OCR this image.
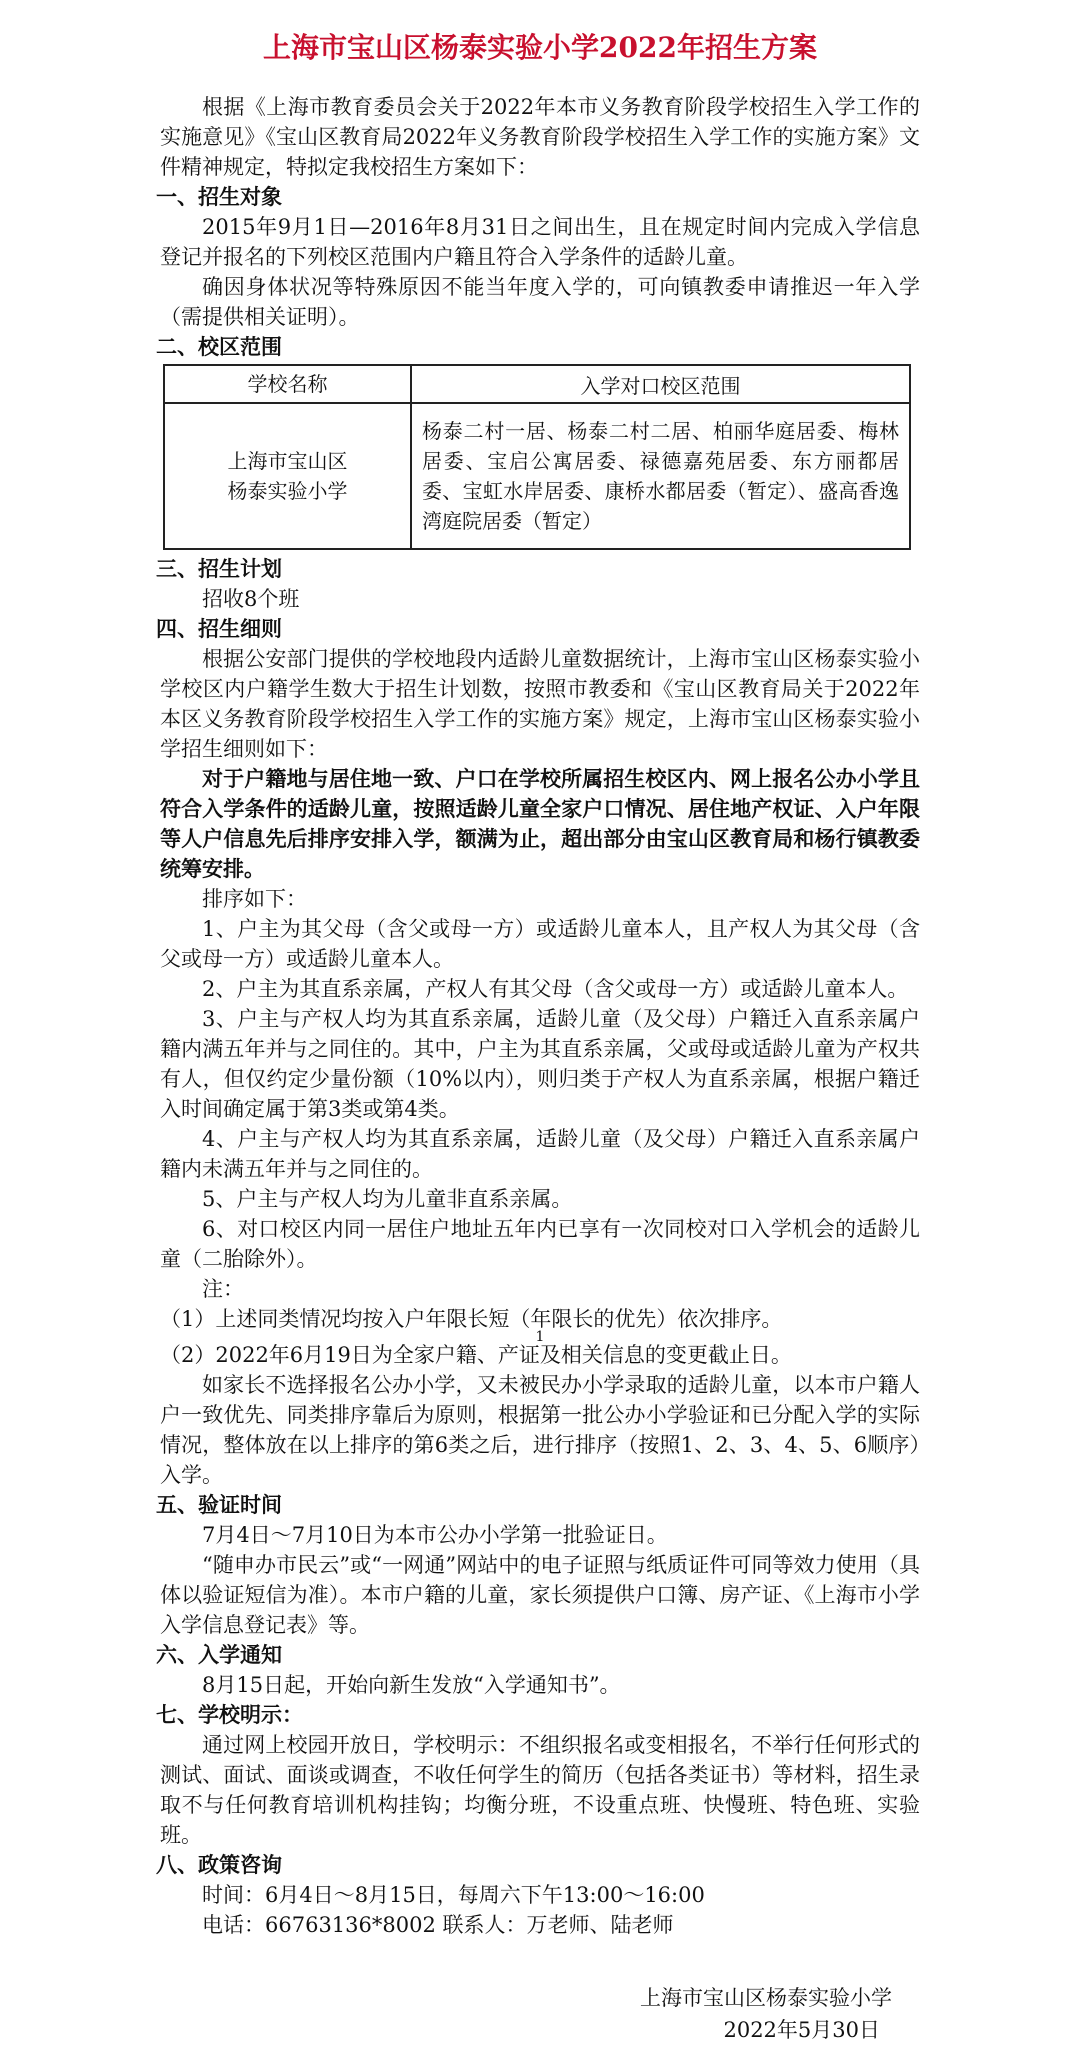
上海市宝山区杨泰实验小学2022年招生方案

根据《上海市教育委员会关于2022年本市义务教育阶段学校招生入学工作的实施意见》《宝山区教育局2022年义务教育阶段学校招生入学工作的实施方案》文件精神规定，特拟定我校招生方案如下：

一、招生对象

2015年9月1日—2016年8月31日之间出生，且在规定时间内完成入学信息登记并报名的下列校区范围内户籍且符合入学条件的适龄儿童。

确因身体状况等特殊原因不能当年度入学的，可向镇教委申请推迟一年入学（需提供相关证明）。

二、校区范围
学校名称	入学对口校区范围

上海市宝山区
杨泰实验小学	杨泰二村一居、杨泰二村二居、柏丽华庭居委、梅林居委、宝启公寓居委、禄德嘉苑居委、东方丽都居委、宝虹水岸居委、康桥水都居委（暂定）、盛高香逸湾庭院居委（暂定）
三、招生计划

招收8个班

四、招生细则

根据公安部门提供的学校地段内适龄儿童数据统计，上海市宝山区杨泰实验小学校区内户籍学生数大于招生计划数，按照市教委和《宝山区教育局关于2022年本区义务教育阶段学校招生入学工作的实施方案》规定，上海市宝山区杨泰实验小学招生细则如下：

对于户籍地与居住地一致、户口在学校所属招生校区内、网上报名公办小学且符合入学条件的适龄儿童，按照适龄儿童全家户口情况、居住地产权证、入户年限等人户信息先后排序安排入学，额满为止，超出部分由宝山区教育局和杨行镇教委统筹安排。

排序如下：

1、户主为其父母（含父或母一方）或适龄儿童本人，且产权人为其父母（含父或母一方）或适龄儿童本人。

2、户主为其直系亲属，产权人有其父母（含父或母一方）或适龄儿童本人。

3、户主与产权人均为其直系亲属，适龄儿童（及父母）户籍迁入直系亲属户籍内满五年并与之同住的。其中，户主为其直系亲属，父或母或适龄儿童为产权共有人，但仅约定少量份额（10%以内），则归类于产权人为直系亲属，根据户籍迁入时间确定属于第3类或第4类。

4、户主与产权人均为其直系亲属，适龄儿童（及父母）户籍迁入直系亲属户籍内未满五年并与之同住的。

5、户主与产权人均为儿童非直系亲属。

6、对口校区内同一居住户地址五年内已享有一次同校对口入学机会的适龄儿童（二胎除外）。

注：

（1）上述同类情况均按入户年限长短（年限长的优先）依次排序。

1

（2）2022年6月19日为全家户籍、产证及相关信息的变更截止日。

如家长不选择报名公办小学，又未被民办小学录取的适龄儿童，以本市户籍人户一致优先、同类排序靠后为原则，根据第一批公办小学验证和已分配入学的实际情况，整体放在以上排序的第6类之后，进行排序（按照1、2、3、4、5、6顺序）入学。

五、验证时间

7月4日～7月10日为本市公办小学第一批验证日。

“随申办市民云”或“一网通”网站中的电子证照与纸质证件可同等效力使用（具体以验证短信为准）。本市户籍的儿童，家长须提供户口簿、房产证、《上海市小学入学信息登记表》等。

六、入学通知

8月15日起，开始向新生发放“入学通知书”。

七、学校明示：

通过网上校园开放日，学校明示：不组织报名或变相报名，不举行任何形式的测试、面试、面谈或调查，不收任何学生的简历（包括各类证书）等材料，招生录取不与任何教育培训机构挂钩；均衡分班，不设重点班、快慢班、特色班、实验班。

八、政策咨询

时间：6月4日～8月15日，每周六下午13:00～16:00

电话：66763136*8002 联系人：万老师、陆老师

上海市宝山区杨泰实验小学
2022年5月30日
